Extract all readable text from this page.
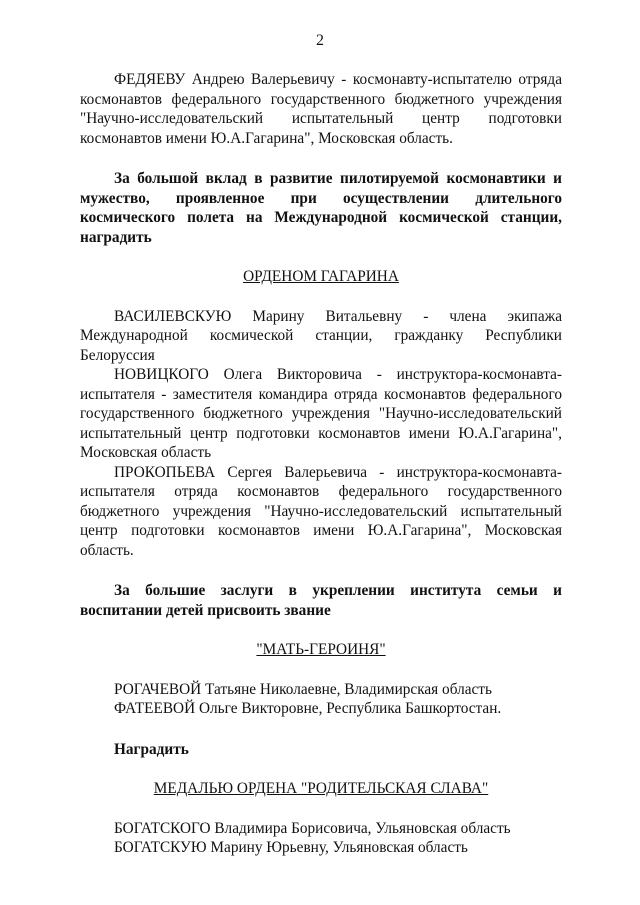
2

ФЕДЯЕВУ Андрею Валерьевичу - космонавту-испытателю отряда космонавтов федерального государственного бюджетного учреждения "Научно-исследовательский испытательный центр подготовки космонавтов имени Ю.А.Гагарина", Московская область.

За большой вклад в развитие пилотируемой космонавтики и мужество, проявленное при осуществлении длительного космического полета на Международной космической станции, наградить

ОРДЕНОМ ГАГАРИНА

ВАСИЛЕВСКУЮ Марину Витальевну - члена экипажа Международной космической станции, гражданку Республики Белоруссия

НОВИЦКОГО Олега Викторовича - инструктора-космонавта-испытателя - заместителя командира отряда космонавтов федерального государственного бюджетного учреждения "Научно-исследовательский испытательный центр подготовки космонавтов имени Ю.А.Гагарина", Московская область

ПРОКОПЬЕВА Сергея Валерьевича - инструктора-космонавта-испытателя отряда космонавтов федерального государственного бюджетного учреждения "Научно-исследовательский испытательный центр подготовки космонавтов имени Ю.А.Гагарина", Московская область.

За большие заслуги в укреплении института семьи и воспитании детей присвоить звание

"МАТЬ-ГЕРОИНЯ"

РОГАЧЕВОЙ Татьяне Николаевне, Владимирская область

ФАТЕЕВОЙ Ольге Викторовне, Республика Башкортостан.

Наградить

МЕДАЛЬЮ ОРДЕНА "РОДИТЕЛЬСКАЯ СЛАВА"

БОГАТСКОГО Владимира Борисовича, Ульяновская область

БОГАТСКУЮ Марину Юрьевну, Ульяновская область
